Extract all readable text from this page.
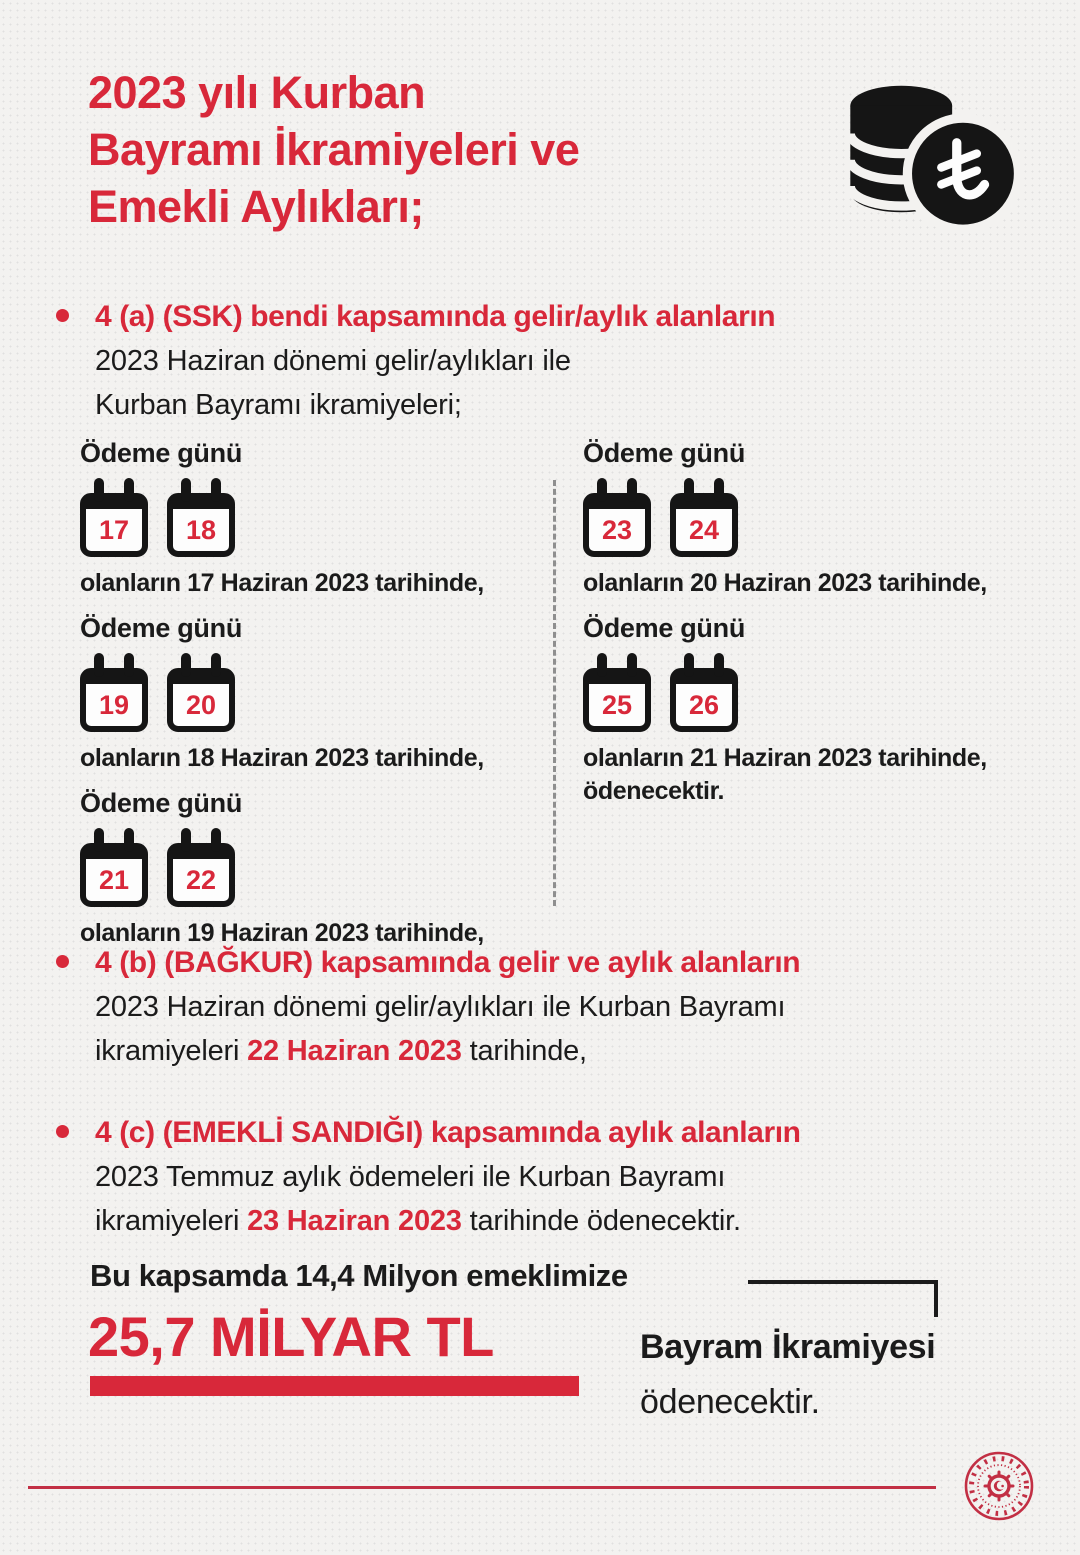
2023 yılı Kurban
Bayramı İkramiyeleri ve
Emekli Aylıkları;
4 (a) (SSK) bendi kapsamında gelir/aylık alanların
2023 Haziran dönemi gelir/aylıkları ile
Kurban Bayramı ikramiyeleri;
Ödeme günü
17	18
olanların 17 Haziran 2023 tarihinde,
Ödeme günü
19	20
olanların 18 Haziran 2023 tarihinde,
Ödeme günü
21	22
olanların 19 Haziran 2023 tarihinde,
Ödeme günü
23	24
olanların 20 Haziran 2023 tarihinde,
Ödeme günü
25	26
olanların 21 Haziran 2023 tarihinde,
ödenecektir.
4 (b) (BAĞKUR) kapsamında gelir ve aylık alanların
2023 Haziran dönemi gelir/aylıkları ile Kurban Bayramı
ikramiyeleri 22 Haziran 2023 tarihinde,
4 (c) (EMEKLİ SANDIĞI) kapsamında aylık alanların
2023 Temmuz aylık ödemeleri ile Kurban Bayramı
ikramiyeleri 23 Haziran 2023 tarihinde ödenecektir.
Bu kapsamda 14,4 Milyon emeklimize
25,7 MİLYAR TL	Bayram İkramiyesi
ödenecektir.
